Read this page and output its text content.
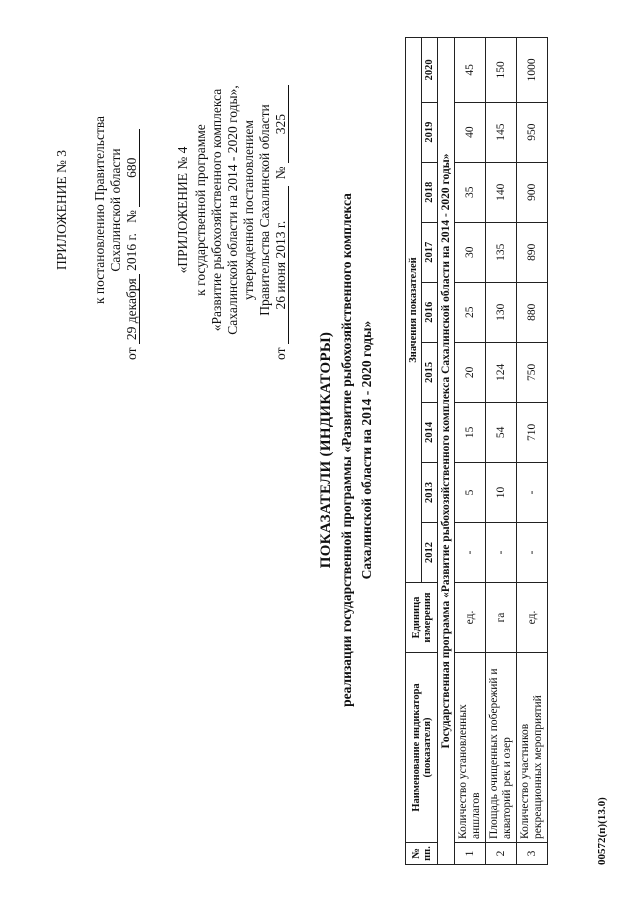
ПРИЛОЖЕНИЕ № 3 к постановлению Правительства Сахалинской области
от 29 декабря 2016 г.   № 680	«ПРИЛОЖЕНИЕ № 4 к государственной программе «Развитие рыбохозяйственного комплекса Сахалинской области на 2014 - 2020 годы», утвержденной постановлением Правительства Сахалинской области
от 26 июня 2013 г.  № 325
ПОКАЗАТЕЛИ (ИНДИКАТОРЫ) реализации государственной программы «Развитие рыбохозяйственного комплекса Сахалинской области на 2014 - 2020 годы»
№ пп.	Наименование индикатора (показателя)	Единица измерения	Значения показателей								
			2012	2013	2014	2015	2016	2017	2018	2019	2020
Государственная программа «Развитие рыбохозяйственного комплекса Сахалинской области на 2014 - 2020 годы»											
1	Количество установленных аншлагов	ед.	-	5	15	20	25	30	35	40	45
2	Площадь очищенных побережий и акваторий рек и озер	га	-	10	54	124	130	135	140	145	150
3	Количество участников рекреационных мероприятий	ед.	-	-	710	750	880	890	900	950	1000
00572(п)(13.0)
